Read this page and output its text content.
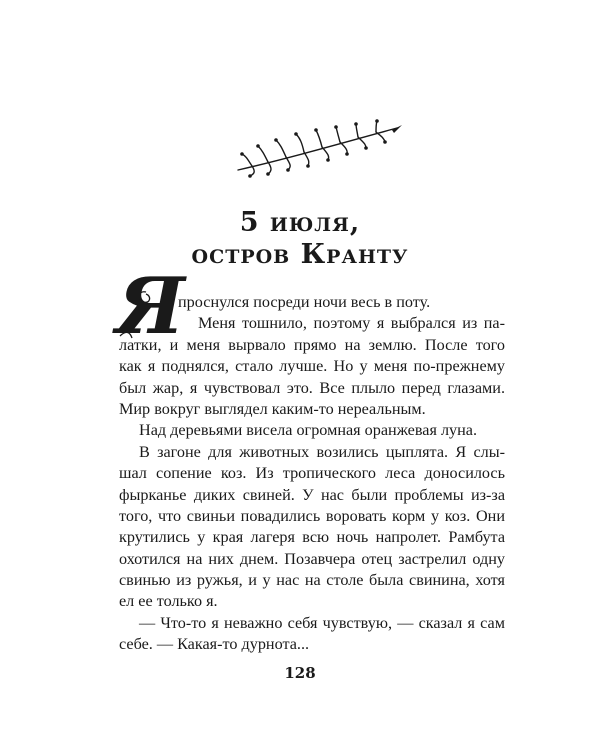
5 июля,
остров Кранту
Я
проснулся посреди ночи весь в поту.
Меня тошнило, поэтому я выбрался из па-
латки, и меня вырвало прямо на землю. После того
как я поднялся, стало лучше. Но у меня по-прежнему
был жар, я чувствовал это. Все плыло перед глазами.
Мир вокруг выглядел каким-то нереальным.
Над деревьями висела огромная оранжевая луна.
В загоне для животных возились цыплята. Я слы-
шал сопение коз. Из тропического леса доносилось
фырканье диких свиней. У нас были проблемы из-за
того, что свиньи повадились воровать корм у коз. Они
крутились у края лагеря всю ночь напролет. Рамбута
охотился на них днем. Позавчера отец застрелил одну
свинью из ружья, и у нас на столе была свинина, хотя
ел ее только я.
— Что-то я неважно себя чувствую, — сказал я сам
себе. — Какая-то дурнота...
128
